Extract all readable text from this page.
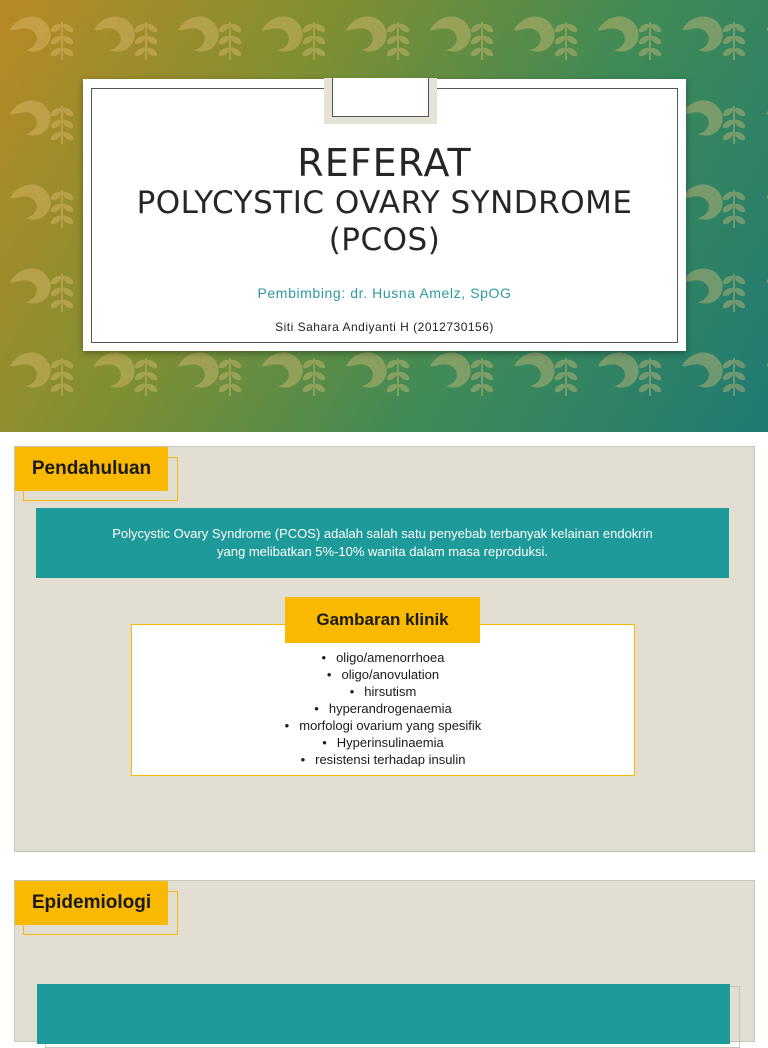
REFERAT
POLYCYSTIC OVARY SYNDROME
(PCOS)
Pembimbing: dr. Husna Amelz, SpOG
Siti Sahara Andiyanti H (2012730156)
Pendahuluan
Polycystic Ovary Syndrome (PCOS) adalah salah satu penyebab terbanyak kelainan endokrin
yang melibatkan 5%-10% wanita dalam masa reproduksi.
• oligo/amenorrhoea
• oligo/anovulation
• hirsutism
• hyperandrogenaemia
• morfologi ovarium yang spesifik
• Hyperinsulinaemia
• resistensi terhadap insulin
Gambaran klinik
Epidemiologi
